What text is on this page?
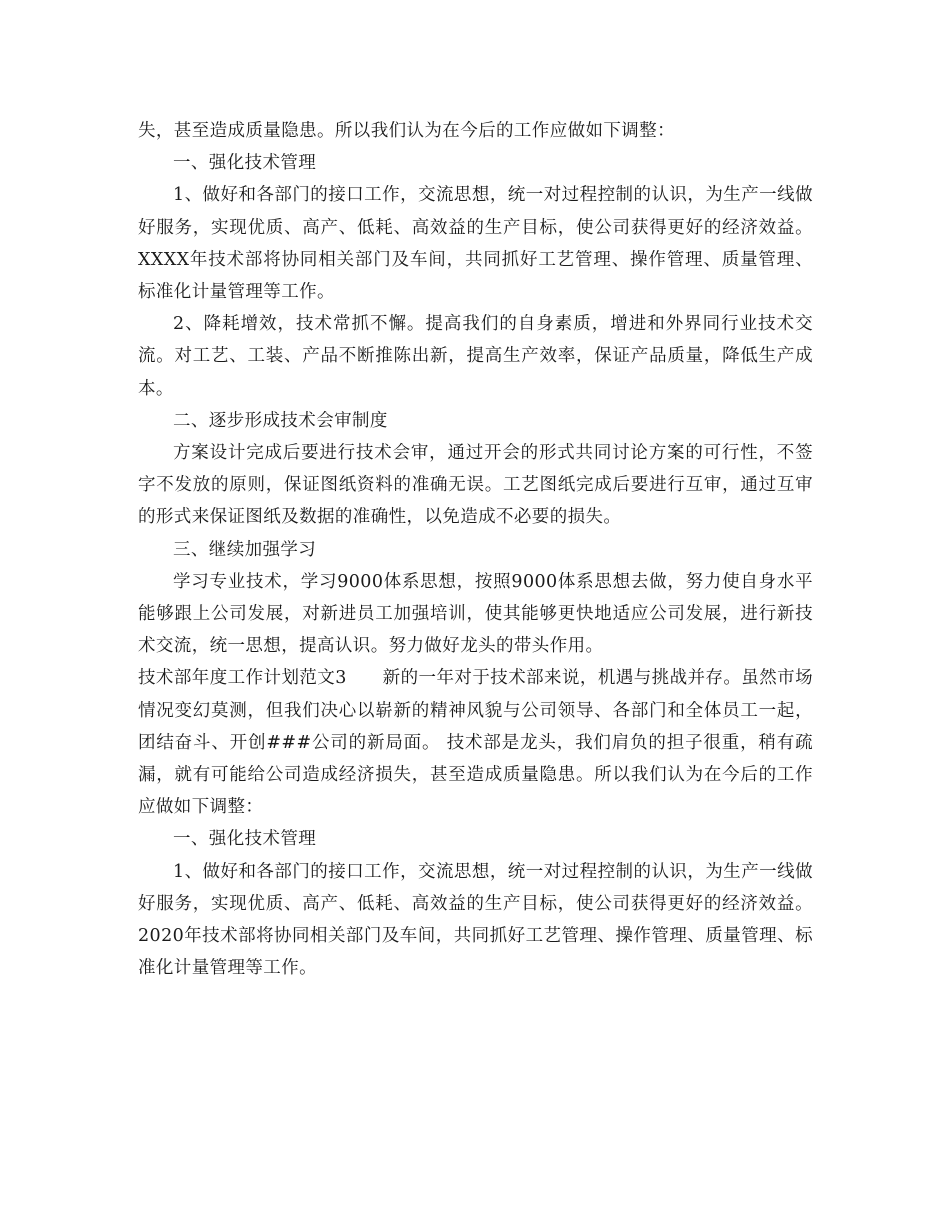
失，甚至造成质量隐患。所以我们认为在今后的工作应做如下调整：

一、强化技术管理

1、做好和各部门的接口工作，交流思想，统一对过程控制的认识，为生产一线做好服务，实现优质、高产、低耗、高效益的生产目标，使公司获得更好的经济效益。XXXX年技术部将协同相关部门及车间，共同抓好工艺管理、操作管理、质量管理、标准化计量管理等工作。

2、降耗增效，技术常抓不懈。提高我们的自身素质，增进和外界同行业技术交流。对工艺、工装、产品不断推陈出新，提高生产效率，保证产品质量，降低生产成本。

二、逐步形成技术会审制度

方案设计完成后要进行技术会审，通过开会的形式共同讨论方案的可行性，不签字不发放的原则，保证图纸资料的准确无误。工艺图纸完成后要进行互审，通过互审的形式来保证图纸及数据的准确性，以免造成不必要的损失。

三、继续加强学习

学习专业技术，学习9000体系思想，按照9000体系思想去做，努力使自身水平能够跟上公司发展，对新进员工加强培训，使其能够更快地适应公司发展，进行新技术交流，统一思想，提高认识。努力做好龙头的带头作用。

技术部年度工作计划范文3　　新的一年对于技术部来说，机遇与挑战并存。虽然市场情况变幻莫测，但我们决心以崭新的精神风貌与公司领导、各部门和全体员工一起，团结奋斗、开创###公司的新局面。 技术部是龙头，我们肩负的担子很重，稍有疏漏，就有可能给公司造成经济损失，甚至造成质量隐患。所以我们认为在今后的工作应做如下调整：

一、强化技术管理

1、做好和各部门的接口工作，交流思想，统一对过程控制的认识，为生产一线做好服务，实现优质、高产、低耗、高效益的生产目标，使公司获得更好的经济效益。2020年技术部将协同相关部门及车间，共同抓好工艺管理、操作管理、质量管理、标准化计量管理等工作。
